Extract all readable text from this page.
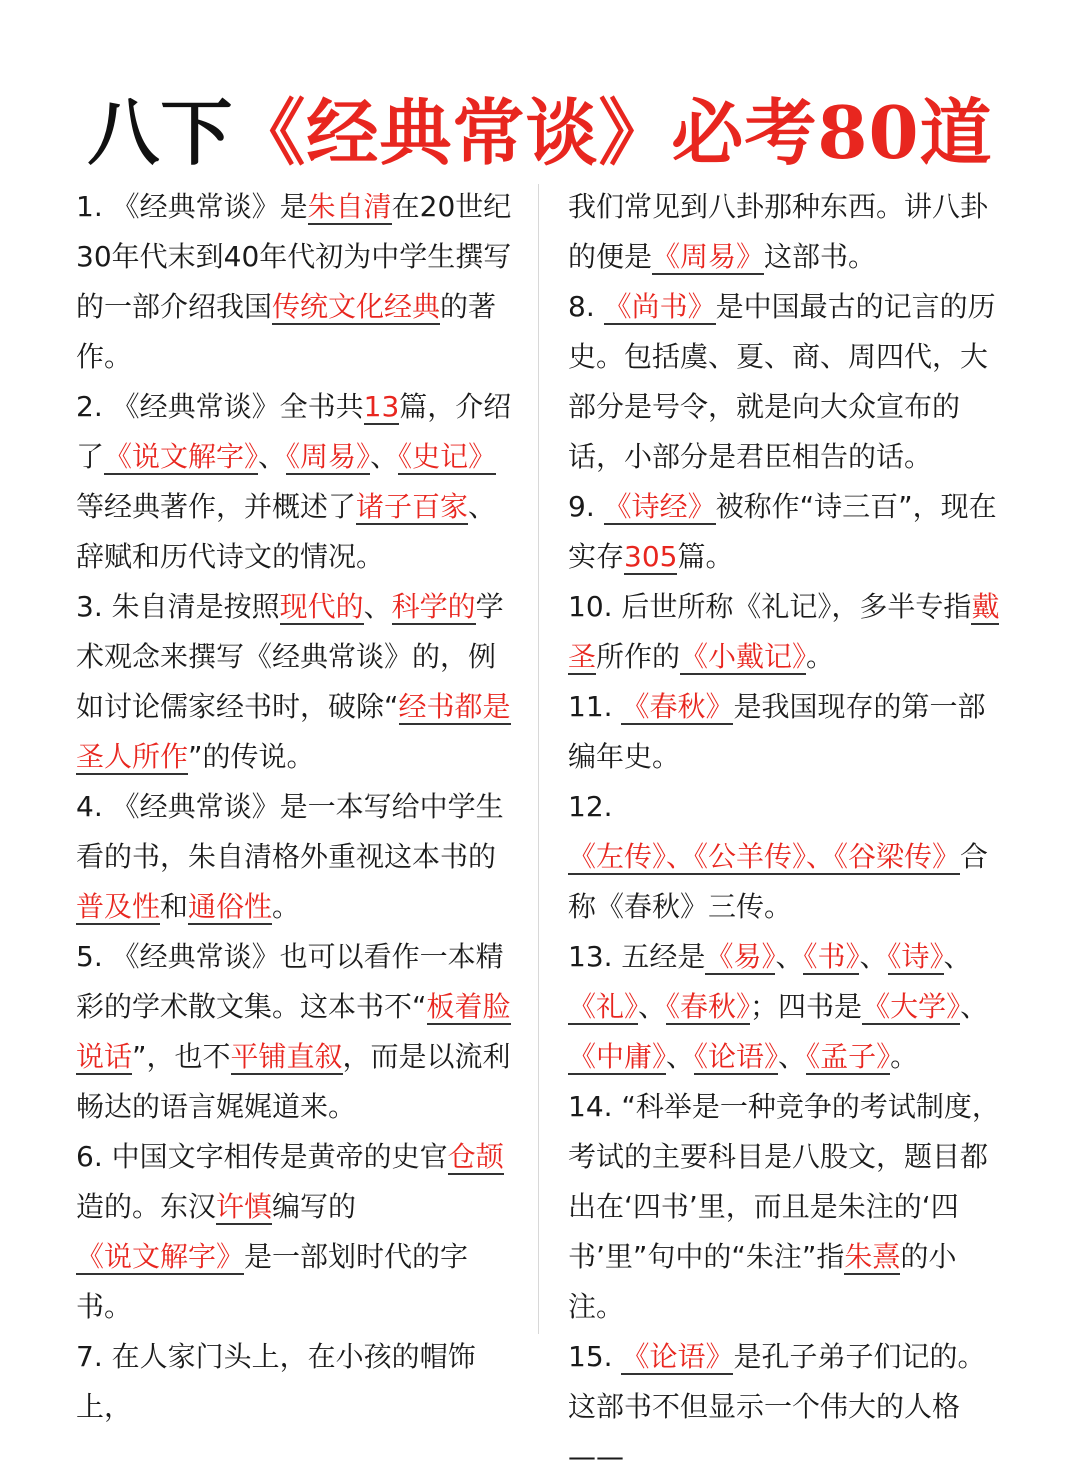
八下《经典常谈》必考80道

1. 《经典常谈》是朱自清在20世纪30年代末到40年代初为中学生撰写的一部介绍我国传统文化经典的著作。

2. 《经典常谈》全书共13篇，介绍了《说文解字》、《周易》、《史记》等经典著作，并概述了诸子百家、辞赋和历代诗文的情况。

3. 朱自清是按照现代的、科学的学术观念来撰写《经典常谈》的，例如讨论儒家经书时，破除“经书都是圣人所作”的传说。

4. 《经典常谈》是一本写给中学生看的书，朱自清格外重视这本书的普及性和通俗性。

5. 《经典常谈》也可以看作一本精彩的学术散文集。这本书不“板着脸说话”，也不平铺直叙，而是以流利畅达的语言娓娓道来。

6. 中国文字相传是黄帝的史官仓颉造的。东汉许慎编写的《说文解字》是一部划时代的字书。

7. 在人家门头上，在小孩的帽饰上，

我们常见到八卦那种东西。讲八卦的便是《周易》这部书。

8. 《尚书》是中国最古的记言的历史。包括虞、夏、商、周四代，大部分是号令，就是向大众宣布的话，小部分是君臣相告的话。

9. 《诗经》被称作“诗三百”，现在实存305篇。

10. 后世所称《礼记》，多半专指戴圣所作的《小戴记》。

11. 《春秋》是我国现存的第一部编年史。

12. 《左传》、《公羊传》、《谷梁传》合称《春秋》三传。

13. 五经是《易》、《书》、《诗》、《礼》、《春秋》；四书是《大学》、《中庸》、《论语》、《孟子》。

14. “科举是一种竞争的考试制度，考试的主要科目是八股文，题目都出在‘四书’里，而且是朱注的‘四书’里”句中的“朱注”指朱熹的小注。

15. 《论语》是孔子弟子们记的。这部书不但显示一个伟大的人格——
